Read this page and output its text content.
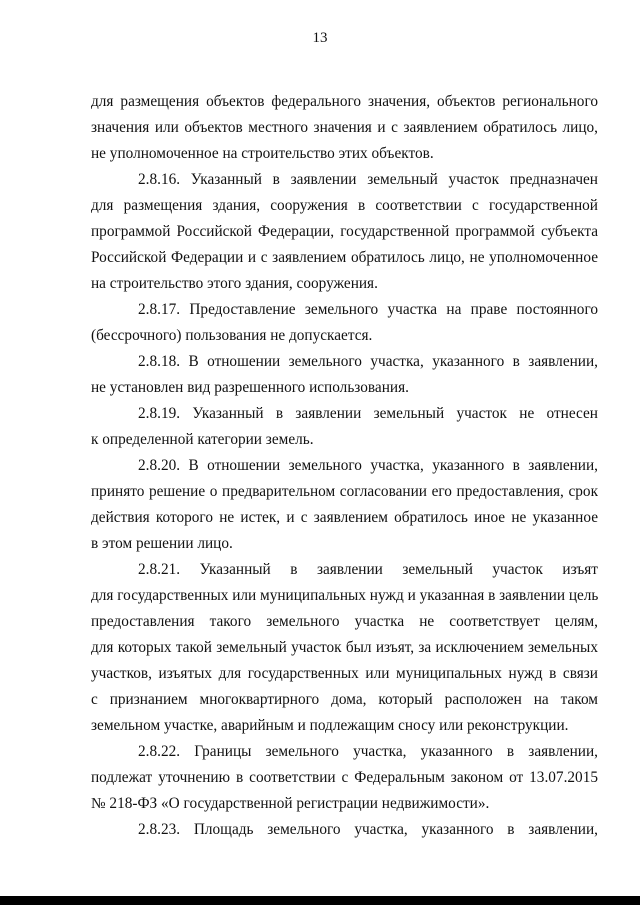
13
для размещения объектов федерального значения, объектов регионального
значения или объектов местного значения и с заявлением обратилось лицо,
не уполномоченное на строительство этих объектов.
2.8.16. Указанный в заявлении земельный участок предназначен
для размещения здания, сооружения в соответствии с государственной
программой Российской Федерации, государственной программой субъекта
Российской Федерации и с заявлением обратилось лицо, не уполномоченное
на строительство этого здания, сооружения.
2.8.17. Предоставление земельного участка на праве постоянного
(бессрочного) пользования не допускается.
2.8.18. В отношении земельного участка, указанного в заявлении,
не установлен вид разрешенного использования.
2.8.19. Указанный в заявлении земельный участок не отнесен
к определенной категории земель.
2.8.20. В отношении земельного участка, указанного в заявлении,
принято решение о предварительном согласовании его предоставления, срок
действия которого не истек, и с заявлением обратилось иное не указанное
в этом решении лицо.
2.8.21. Указанный в заявлении земельный участок изъят
для государственных или муниципальных нужд и указанная в заявлении цель
предоставления такого земельного участка не соответствует целям,
для которых такой земельный участок был изъят, за исключением земельных
участков, изъятых для государственных или муниципальных нужд в связи
с признанием многоквартирного дома, который расположен на таком
земельном участке, аварийным и подлежащим сносу или реконструкции.
2.8.22. Границы земельного участка, указанного в заявлении,
подлежат уточнению в соответствии с Федеральным законом от 13.07.2015
№ 218-ФЗ «О государственной регистрации недвижимости».
2.8.23. Площадь земельного участка, указанного в заявлении,
